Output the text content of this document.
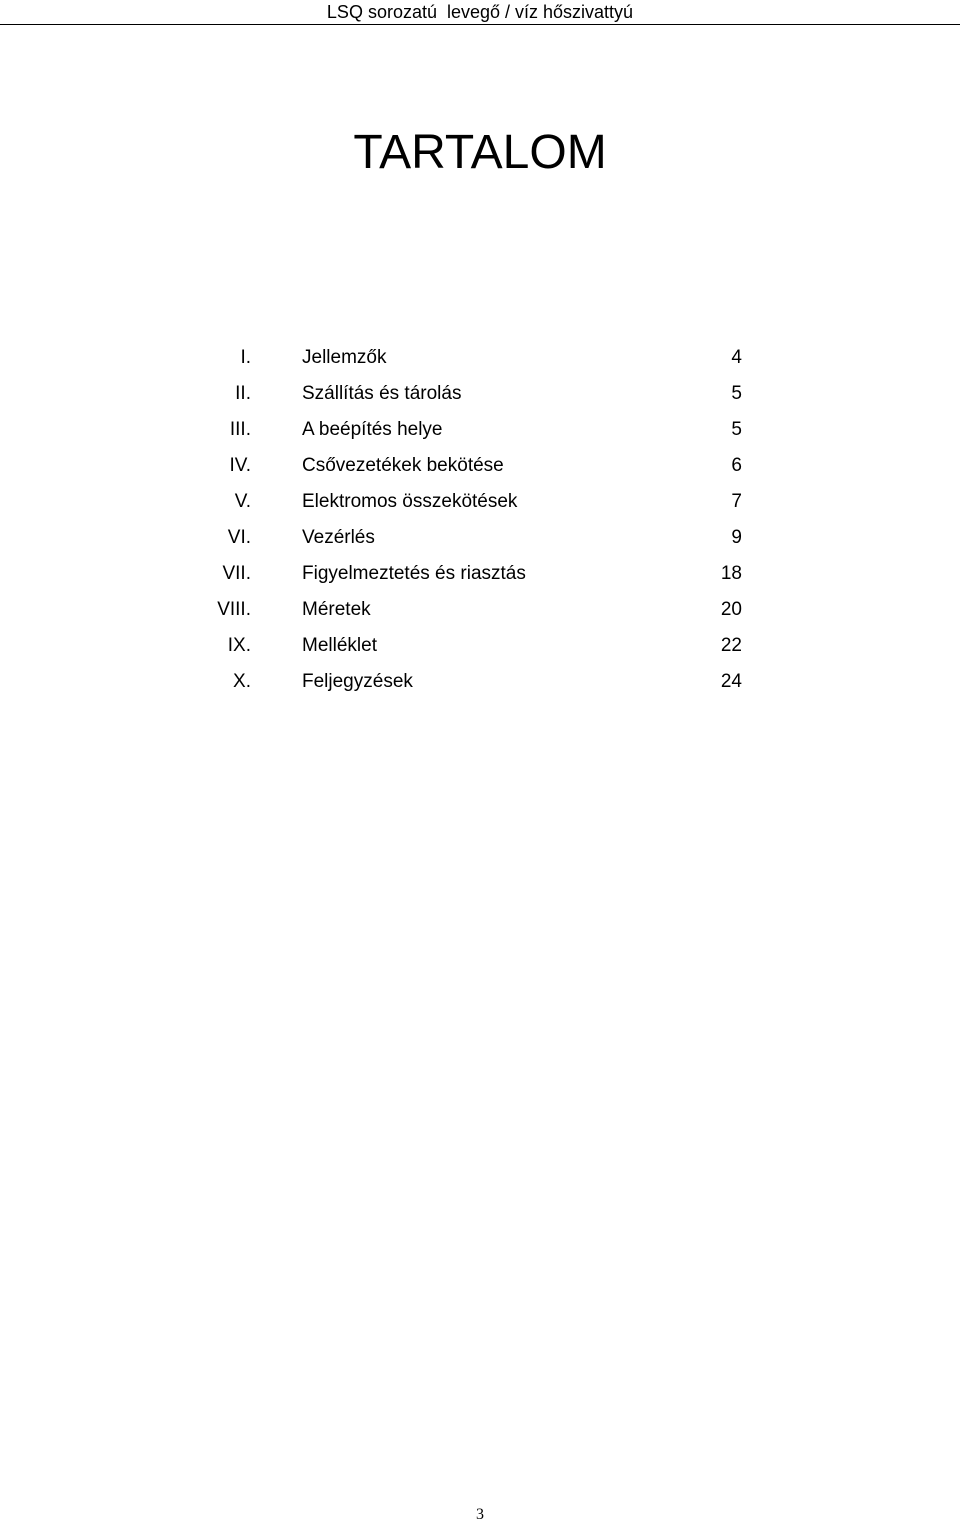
LSQ sorozatú  levegő / víz hőszivattyú
TARTALOM
I.	Jellemzők	4
II.	Szállítás és tárolás	5
III.	A beépítés helye	5
IV.	Csővezetékek bekötése	6
V.	Elektromos összekötések	7
VI.	Vezérlés	9
VII.	Figyelmeztetés és riasztás	18
VIII.	Méretek	20
IX.	Melléklet	22
X.	Feljegyzések	24
3
